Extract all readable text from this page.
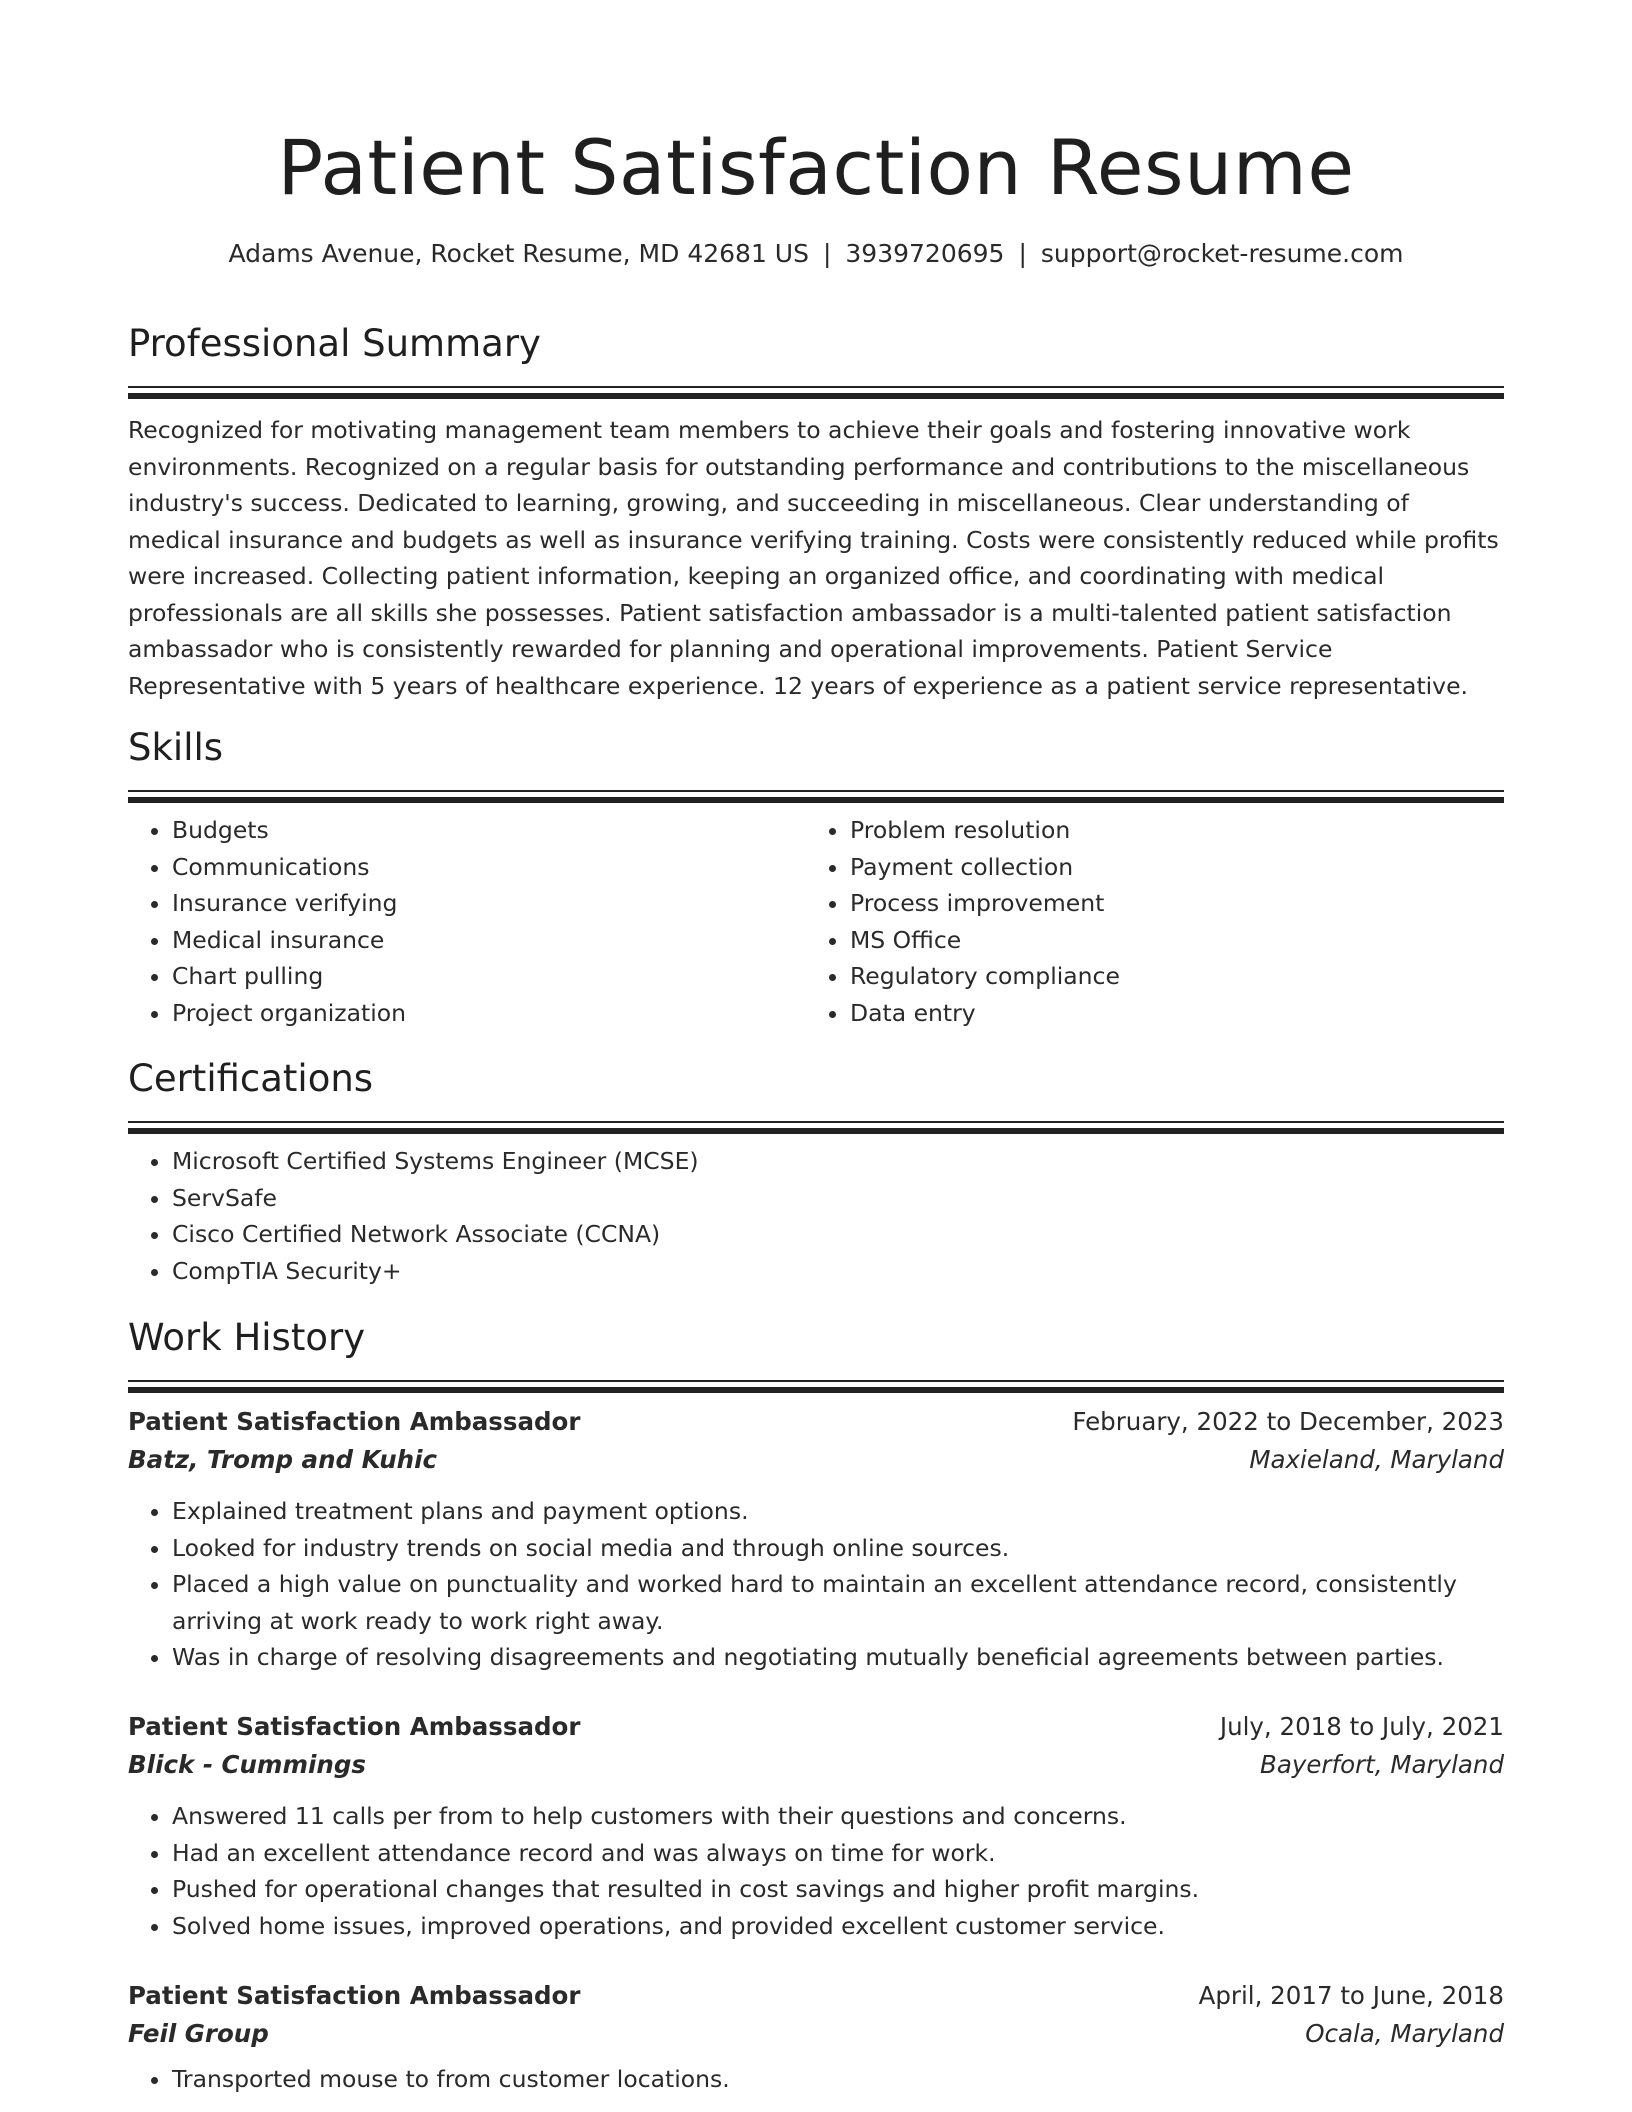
Patient Satisfaction Resume
Adams Avenue, Rocket Resume, MD 42681 US | 3939720695 | support@rocket-resume.com
Professional Summary
Recognized for motivating management team members to achieve their goals and fostering innovative work environments. Recognized on a regular basis for outstanding performance and contributions to the miscellaneous industry's success. Dedicated to learning, growing, and succeeding in miscellaneous. Clear understanding of medical insurance and budgets as well as insurance verifying training. Costs were consistently reduced while profits were increased. Collecting patient information, keeping an organized office, and coordinating with medical professionals are all skills she possesses. Patient satisfaction ambassador is a multi-talented patient satisfaction ambassador who is consistently rewarded for planning and operational improvements. Patient Service Representative with 5 years of healthcare experience. 12 years of experience as a patient service representative.
Skills
• Budgets
• Communications
• Insurance verifying
• Medical insurance
• Chart pulling
• Project organization
• Problem resolution
• Payment collection
• Process improvement
• MS Office
• Regulatory compliance
• Data entry
Certifications
• Microsoft Certified Systems Engineer (MCSE)
• ServSafe
• Cisco Certified Network Associate (CCNA)
• CompTIA Security+
Work History
Patient Satisfaction Ambassador	February, 2022 to December, 2023
Batz, Tromp and Kuhic	Maxieland, Maryland
• Explained treatment plans and payment options.
• Looked for industry trends on social media and through online sources.
• Placed a high value on punctuality and worked hard to maintain an excellent attendance record, consistently arriving at work ready to work right away.
• Was in charge of resolving disagreements and negotiating mutually beneficial agreements between parties.
Patient Satisfaction Ambassador	July, 2018 to July, 2021
Blick - Cummings	Bayerfort, Maryland
• Answered 11 calls per from to help customers with their questions and concerns.
• Had an excellent attendance record and was always on time for work.
• Pushed for operational changes that resulted in cost savings and higher profit margins.
• Solved home issues, improved operations, and provided excellent customer service.
Patient Satisfaction Ambassador	April, 2017 to June, 2018
Feil Group	Ocala, Maryland
• Transported mouse to from customer locations.
